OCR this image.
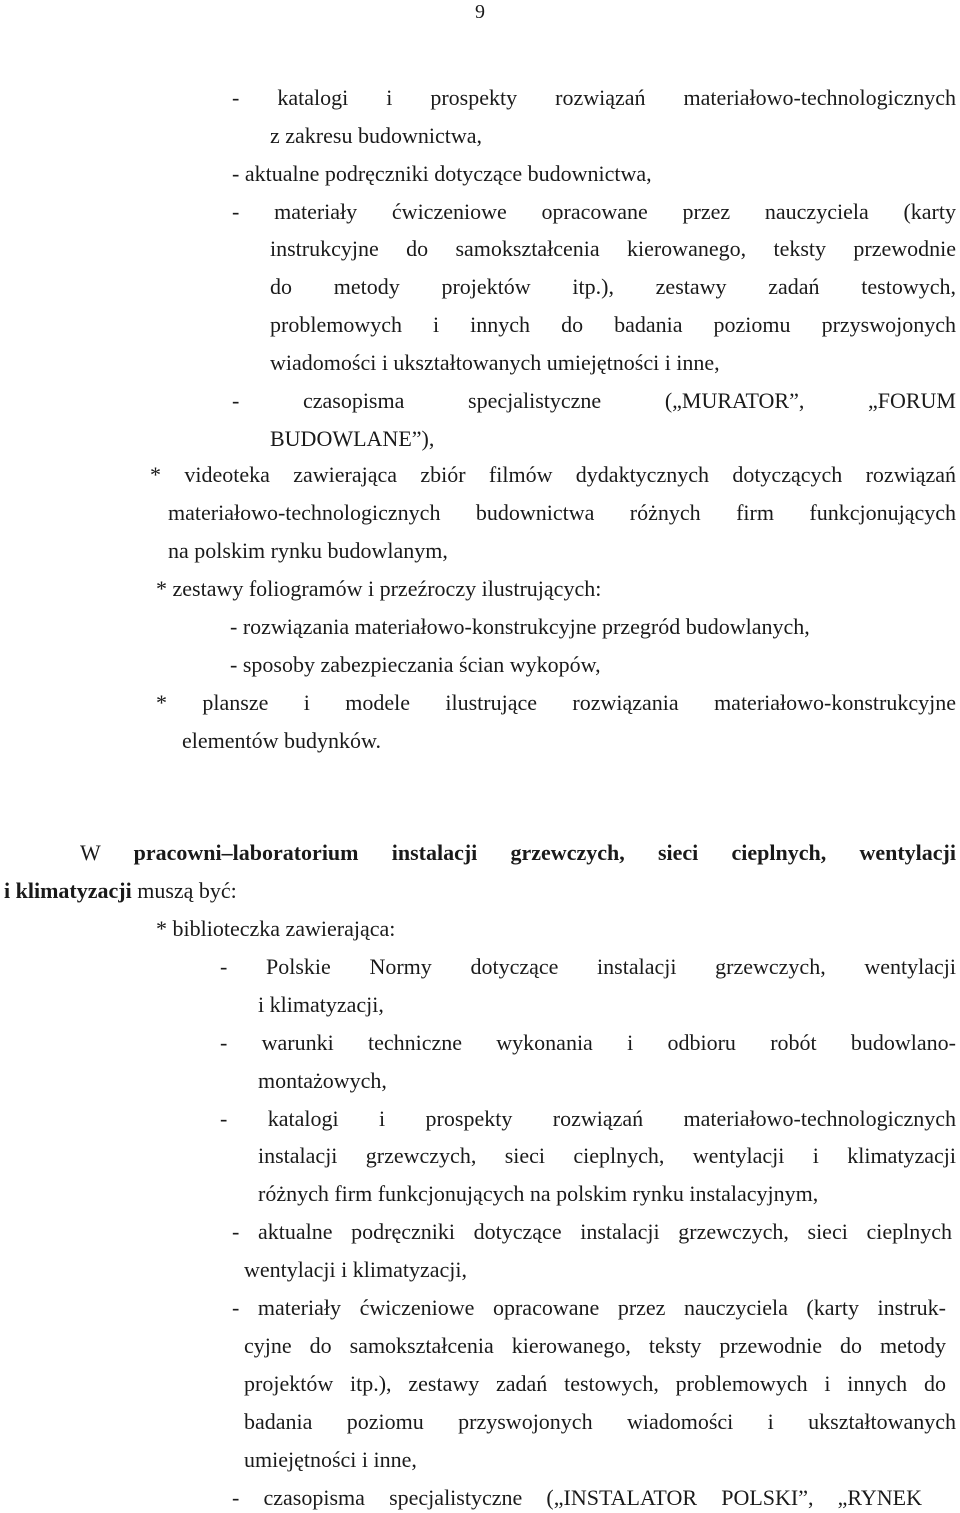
9
- katalogi i prospekty rozwiązań materiałowo-technologicznych
z zakresu budownictwa,
- aktualne podręczniki dotyczące budownictwa,
- materiały ćwiczeniowe opracowane przez nauczyciela (karty
instrukcyjne do samokształcenia kierowanego, teksty przewodnie
do metody projektów itp.), zestawy zadań testowych,
problemowych i innych do badania poziomu przyswojonych
wiadomości i ukształtowanych umiejętności i inne,
- czasopisma specjalistyczne („MURATOR”, „FORUM
BUDOWLANE”),
* videoteka zawierająca zbiór filmów dydaktycznych dotyczących rozwiązań
materiałowo-technologicznych budownictwa różnych firm funkcjonujących
na polskim rynku budowlanym,
* zestawy foliogramów i przeźroczy ilustrujących:
- rozwiązania materiałowo-konstrukcyjne przegród budowlanych,
- sposoby zabezpieczania ścian wykopów,
* plansze i modele ilustrujące rozwiązania materiałowo-konstrukcyjne
elementów budynków.
* biblioteczka zawierająca:
- Polskie Normy dotyczące instalacji grzewczych, wentylacji
i klimatyzacji,
- warunki techniczne wykonania i odbioru robót budowlano-
montażowych,
- katalogi i prospekty rozwiązań materiałowo-technologicznych
instalacji grzewczych, sieci cieplnych, wentylacji i klimatyzacji
różnych firm funkcjonujących na polskim rynku instalacyjnym,
- aktualne podręczniki dotyczące instalacji grzewczych, sieci cieplnych
wentylacji i klimatyzacji,
- materiały ćwiczeniowe opracowane przez nauczyciela (karty instruk-
cyjne do samokształcenia kierowanego, teksty przewodnie do metody
projektów itp.), zestawy zadań testowych, problemowych i innych do
badania poziomu przyswojonych wiadomości i ukształtowanych
umiejętności i inne,
- czasopisma specjalistyczne („INSTALATOR POLSKI”, „RYNEK
W pracowni–laboratorium instalacji grzewczych, sieci cieplnych, wentylacji
i klimatyzacji muszą być:
